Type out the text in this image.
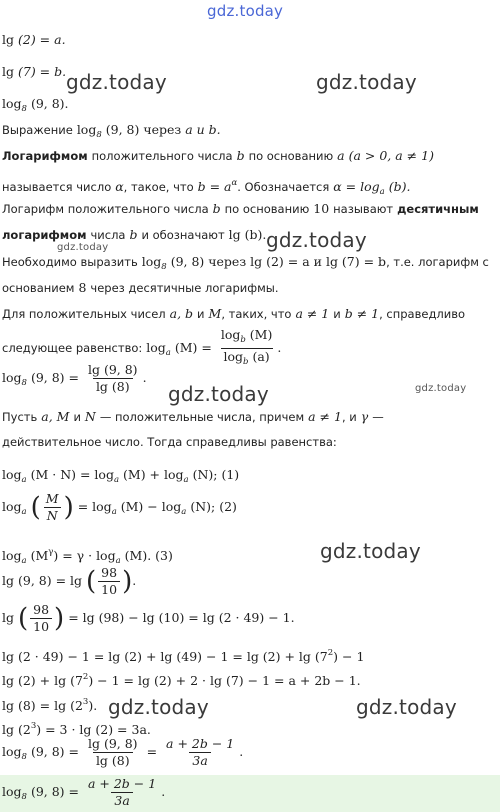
gdz.today
gdz.today	gdz.today
gdz.today
gdz.today
gdz.today	gdz.today
gdz.today
gdz.today	gdz.today
lg (2) = a.
lg (7) = b.
$\log_8 (9$, 8).
Выражение $\log_8 (9$, 8) через a и b.
Логарифмом положительного числа b по основанию a (a > 0, a ≠ 1)
называется число α, такое, что $b = a^\alpha$. Обозначается $\alpha = \log_a (b)$.
Логарифм положительного числа b по основанию 10 называют десятичным
логарифмом числа b и обозначают lg (b).
Необходимо выразить $\log_8 (9$, 8) через lg (2) = a и lg (7) = b, т.е. логарифм с
основанием 8 через десятичные логарифмы.
Для положительных чисел a, b и M, таких, что a ≠ 1 и b ≠ 1, справедливо
следующее равенство: $\log_a (M) = \frac{\log_b (M)}{\log_b (a)}$ .
$\log_8 (9$, $8) = \frac{\lg (9, 8)}{\lg (8)}$ .
Пусть a, M и N — положительные числа, причем a ≠ 1, и γ —
действительное число. Тогда справедливы равенства:
$\log_a (M \cdot N) = \log_a (M) + \log_a (N)$; (1)
$\log_a$ ( $\frac{M}{N}$ ) = $\log_a (M) - \log_a (N)$; (2)
$\log_a (M^\gamma) = \gamma \cdot \log_a (M)$. (3)
lg (9, 8) = lg ( $\frac{98}{10}$ ).
lg ( $\frac{98}{10}$ ) = lg (98) − lg (10) = lg (2 · 49) − 1.
$\lg (2 \cdot 49) - 1 = \lg (2) + \lg (49) - 1 = \lg (2) + \lg (7^2) - 1$
$\lg (2) + \lg (7^2) - 1 = \lg (2) + 2 \cdot \lg (7) - 1 = a + 2b - 1$.
$\lg (8) = \lg (2^3)$.
$\lg (2^3) = 3 \cdot \lg (2) = 3a$.
$\log_8 (9$, $8) = \frac{\lg (9, 8)}{\lg (8)} = \frac{a + 2b - 1}{3a}$ .
$\log_8 (9$, $8) = \frac{a + 2b - 1}{3a}$ .
